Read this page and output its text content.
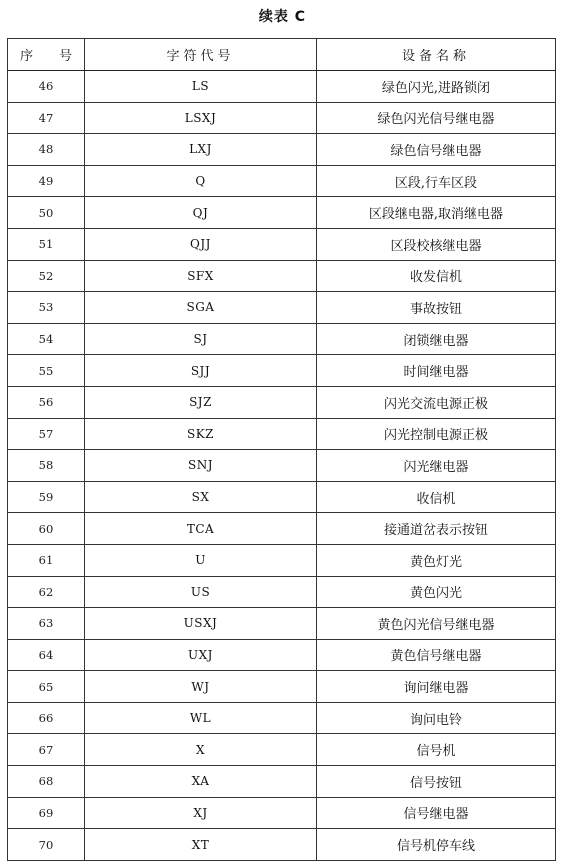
续表 C
序 号	字符代号	设备名称
46	LS	绿色闪光,进路锁闭
47	LSXJ	绿色闪光信号继电器
48	LXJ	绿色信号继电器
49	Q	区段,行车区段
50	QJ	区段继电器,取消继电器
51	QJJ	区段校核继电器
52	SFX	收发信机
53	SGA	事故按钮
54	SJ	闭锁继电器
55	SJJ	时间继电器
56	SJZ	闪光交流电源正极
57	SKZ	闪光控制电源正极
58	SNJ	闪光继电器
59	SX	收信机
60	TCA	接通道岔表示按钮
61	U	黄色灯光
62	US	黄色闪光
63	USXJ	黄色闪光信号继电器
64	UXJ	黄色信号继电器
65	WJ	询问继电器
66	WL	询问电铃
67	X	信号机
68	XA	信号按钮
69	XJ	信号继电器
70	XT	信号机停车线
